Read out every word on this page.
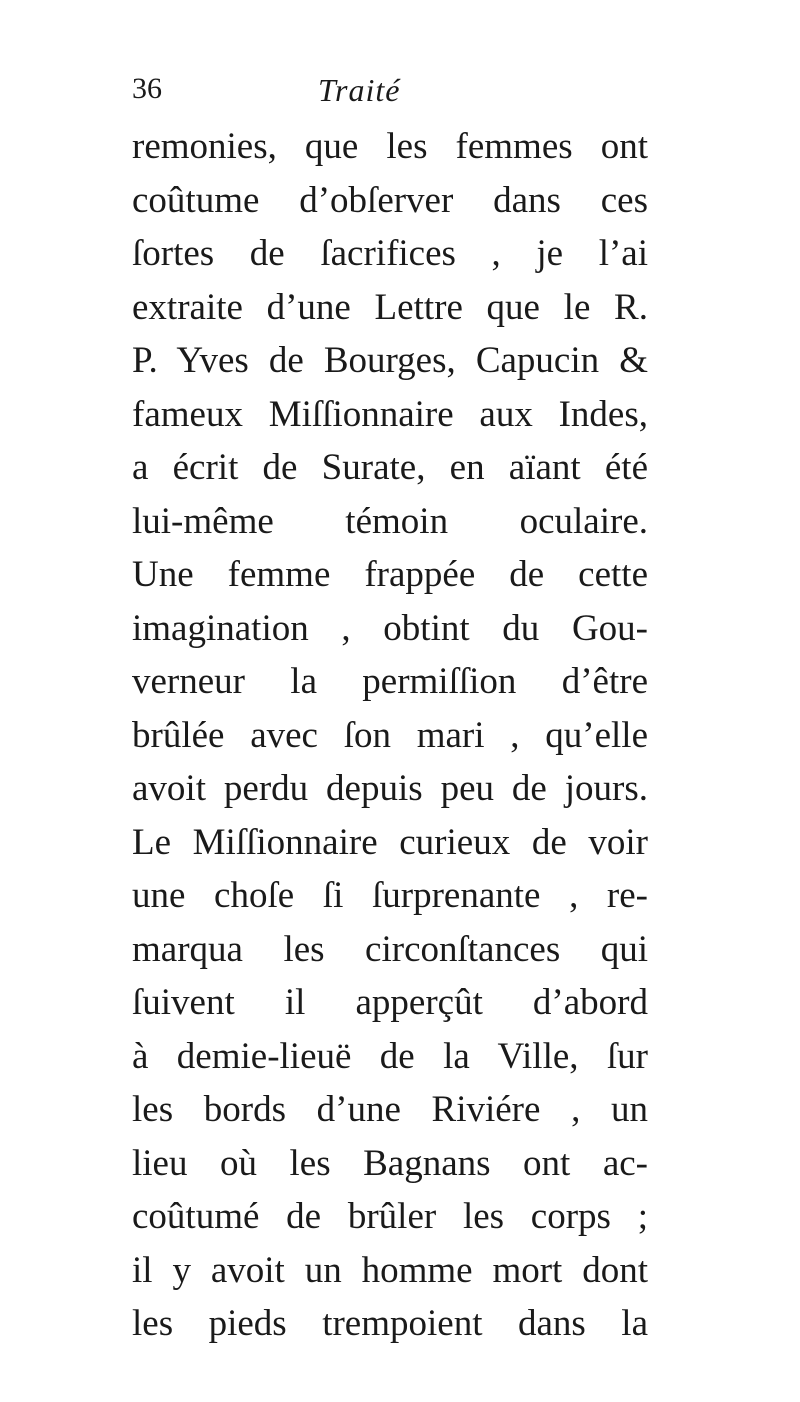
36	Traité
remonies, que les femmes ont
coûtume d’obſerver dans ces
ſortes de ſacrifices , je l’ai
extraite d’une Lettre que le R.
P. Yves de Bourges, Capucin &
fameux Miſſionnaire aux Indes,
a écrit de Surate, en aïant été
lui-même témoin oculaire.
Une femme frappée de cette
imagination , obtint du Gou-
verneur la permiſſion d’être
brûlée avec ſon mari , qu’elle
avoit perdu depuis peu de jours.
Le Miſſionnaire curieux de voir
une choſe ſi ſurprenante , re-
marqua les circonſtances qui
ſuivent il apperçût d’abord
à demie-lieuë de la Ville, ſur
les bords d’une Riviére , un
lieu où les Bagnans ont ac-
coûtumé de brûler les corps ;
il y avoit un homme mort dont
les pieds trempoient dans la
